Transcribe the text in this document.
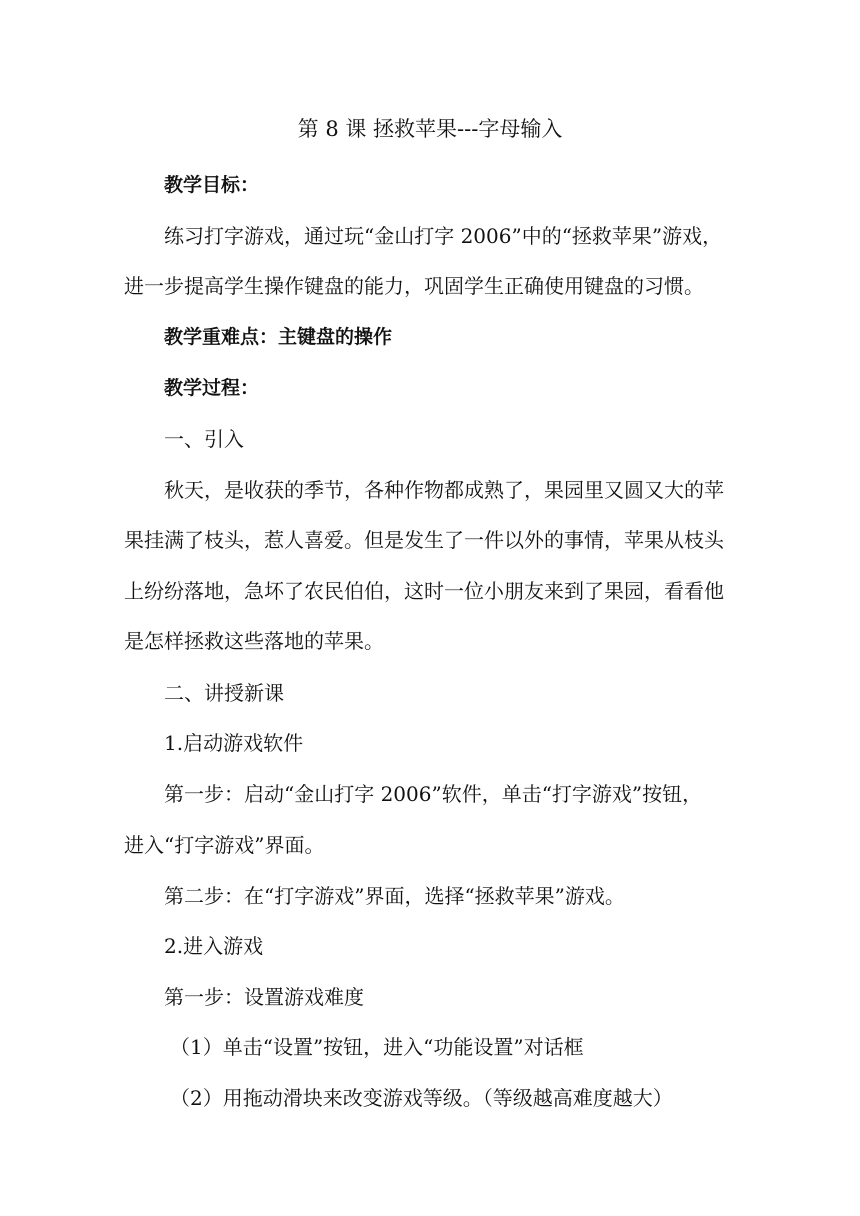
第 8 课 拯救苹果---字母输入
教学目标：
练习打字游戏，通过玩“金山打字 2006”中的“拯救苹果”游戏，
进一步提高学生操作键盘的能力，巩固学生正确使用键盘的习惯。
教学重难点：主键盘的操作
教学过程：
一、引入
秋天，是收获的季节，各种作物都成熟了，果园里又圆又大的苹
果挂满了枝头，惹人喜爱。但是发生了一件以外的事情，苹果从枝头
上纷纷落地，急坏了农民伯伯，这时一位小朋友来到了果园，看看他
是怎样拯救这些落地的苹果。
二、讲授新课
1.启动游戏软件
第一步：启动“金山打字 2006”软件，单击“打字游戏”按钮，
进入“打字游戏”界面。
第二步：在“打字游戏”界面，选择“拯救苹果”游戏。
2.进入游戏
第一步：设置游戏难度
（1）单击“设置”按钮，进入“功能设置”对话框
（2）用拖动滑块来改变游戏等级。（等级越高难度越大）
